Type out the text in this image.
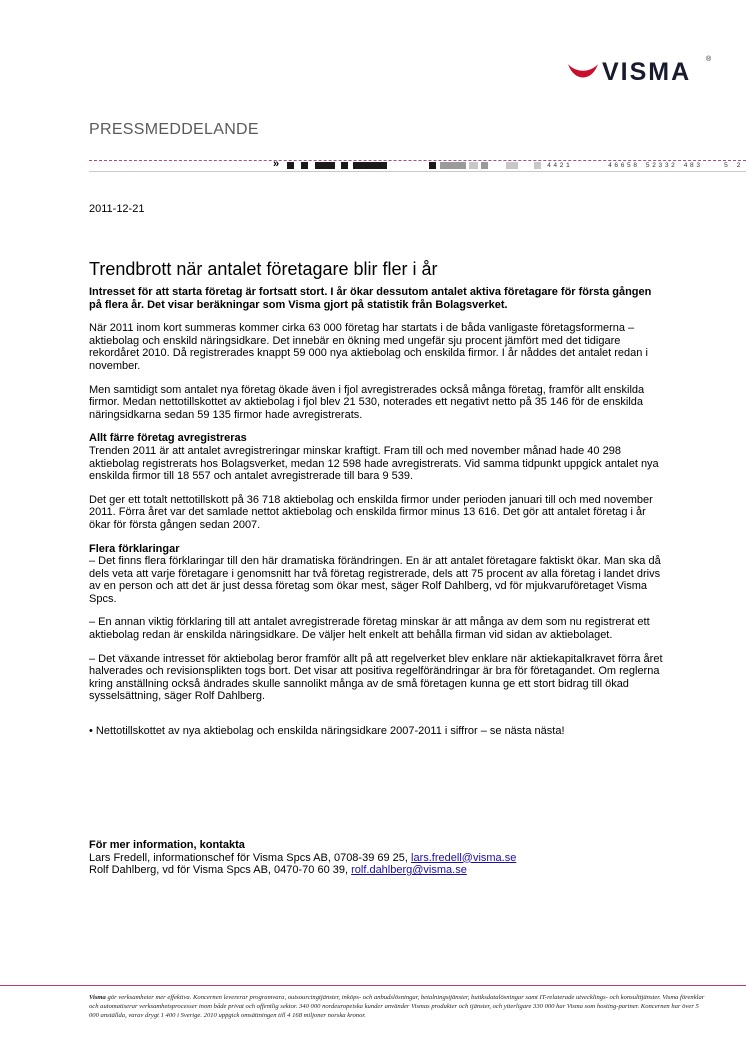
VISMA ®
PRESSMEDDELANDE
»	4421	46658 52332 483	5 2
2011-12-21
Trendbrott när antalet företagare blir fler i år

Intresset för att starta företag är fortsatt stort. I år ökar dessutom antalet aktiva företagare för första gången på flera år. Det visar beräkningar som Visma gjort på statistik från Bolagsverket.

När 2011 inom kort summeras kommer cirka 63 000 företag har startats i de båda vanligaste företagsformerna – aktiebolag och enskild näringsidkare. Det innebär en ökning med ungefär sju procent jämfört med det tidigare rekordåret 2010. Då registrerades knappt 59 000 nya aktiebolag och enskilda firmor. I år nåddes det antalet redan i november.

Men samtidigt som antalet nya företag ökade även i fjol avregistrerades också många företag, framför allt enskilda firmor. Medan nettotillskottet av aktiebolag i fjol blev 21 530, noterades ett negativt netto på 35 146 för de enskilda näringsidkarna sedan 59 135 firmor hade avregistrerats.

Allt färre företag avregistreras

Trenden 2011 är att antalet avregistreringar minskar kraftigt. Fram till och med november månad hade 40 298 aktiebolag registrerats hos Bolagsverket, medan 12 598 hade avregistrerats. Vid samma tidpunkt uppgick antalet nya enskilda firmor till 18 557 och antalet avregistrerade till bara 9 539.

Det ger ett totalt nettotillskott på 36 718 aktiebolag och enskilda firmor under perioden januari till och med november 2011. Förra året var det samlade nettot aktiebolag och enskilda firmor minus 13 616. Det gör att antalet företag i år ökar för första gången sedan 2007.

Flera förklaringar

– Det finns flera förklaringar till den här dramatiska förändringen. En är att antalet företagare faktiskt ökar. Man ska då dels veta att varje företagare i genomsnitt har två företag registrerade, dels att 75 procent av alla företag i landet drivs av en person och att det är just dessa företag som ökar mest, säger Rolf Dahlberg, vd för mjukvaruföretaget Visma Spcs.

– En annan viktig förklaring till att antalet avregistrerade företag minskar är att många av dem som nu registrerat ett aktiebolag redan är enskilda näringsidkare. De väljer helt enkelt att behålla firman vid sidan av aktiebolaget.

– Det växande intresset för aktiebolag beror framför allt på att regelverket blev enklare när aktiekapitalkravet förra året halverades och revisionsplikten togs bort. Det visar att positiva regelförändringar är bra för företagandet. Om reglerna kring anställning också ändrades skulle sannolikt många av de små företagen kunna ge ett stort bidrag till ökad sysselsättning, säger Rolf Dahlberg.

• Nettotillskottet av nya aktiebolag och enskilda näringsidkare 2007-2011 i siffror – se nästa nästa!

För mer information, kontakta
Lars Fredell, informationschef för Visma Spcs AB, 0708-39 69 25, lars.fredell@visma.se
Rolf Dahlberg, vd för Visma Spcs AB, 0470-70 60 39, rolf.dahlberg@visma.se
Visma gör verksamheter mer effektiva. Koncernen levererar programvara, outsourcingtjänster, inköps- och anbudslösningar, betalningstjänster, butiksdatalösningar samt IT-relaterade utvecklings- och konsulttjänster. Visma förenklar och automatiserar verksamhetsprocesser inom både privat och offentlig sektor. 340 000 nordeuropeiska kunder använder Vismas produkter och tjänster, och ytterligare 330 000 har Visma som hosting-partner. Koncernen har över 5 000 anställda, varav drygt 1 400 i Sverige. 2010 uppgick omsättningen till 4 168 miljoner norska kronor.
